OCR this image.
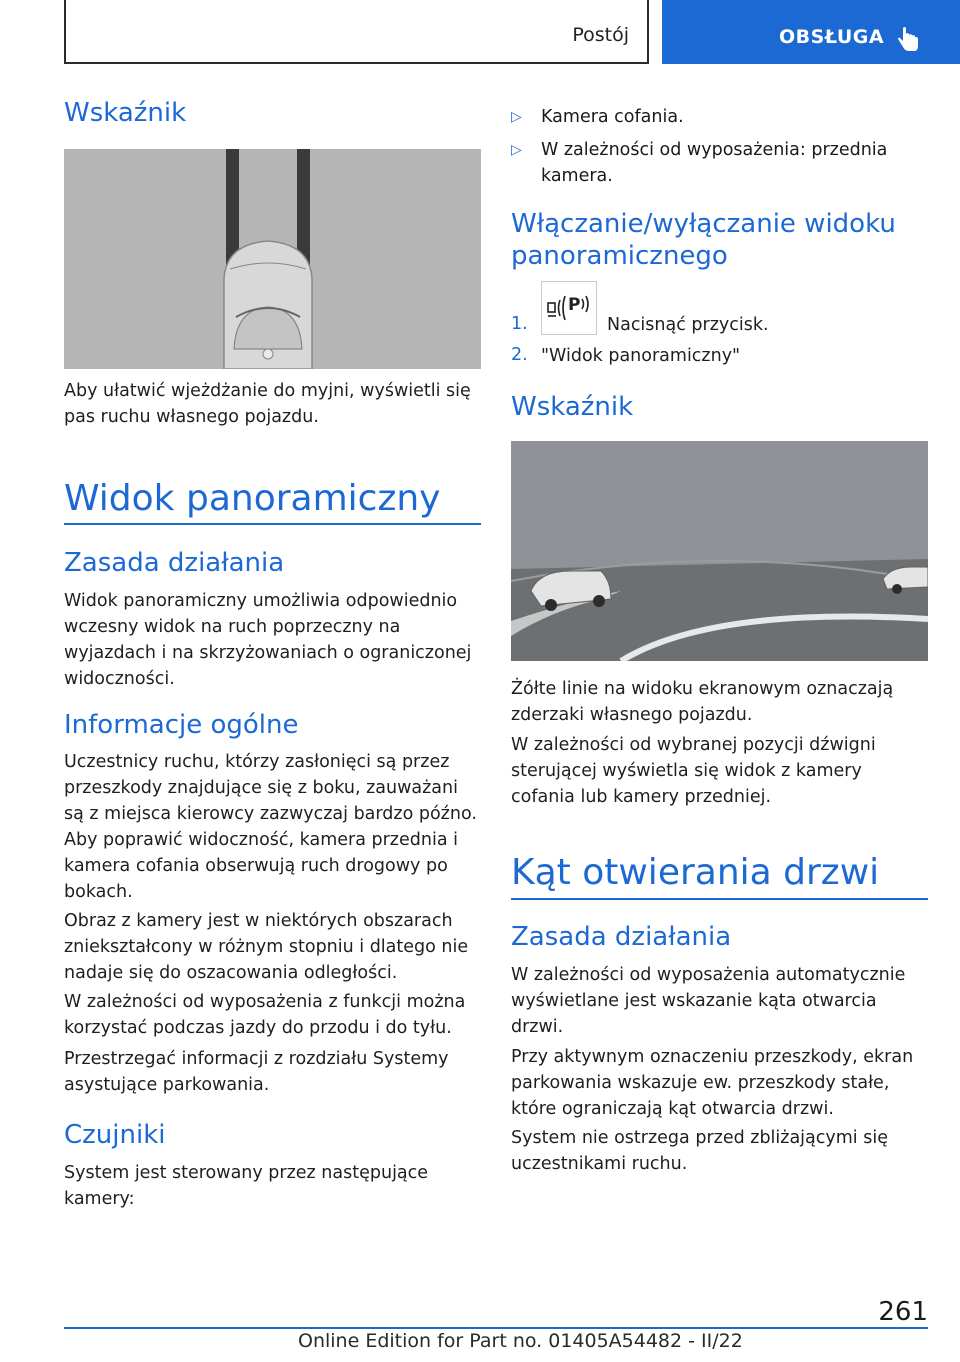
Postój	OBSŁUGA
Wskaźnik

Aby ułatwić wjeżdżanie do myjni, wyświetli się pas ruchu własnego pojazdu.

Widok panoramiczny
Zasada działania

Widok panoramiczny umożliwia odpowiednio wczesny widok na ruch poprzeczny na wyjazdach i na skrzyżowaniach o ograniczonej widoczności.

Informacje ogólne

Uczestnicy ruchu, którzy zasłonięci są przez przeszkody znajdujące się z boku, zauważani są z miejsca kierowcy zazwyczaj bardzo późno. Aby poprawić widoczność, kamera przednia i kamera cofania obserwują ruch drogowy po bokach.

Obraz z kamery jest w niektórych obszarach zniekształcony w różnym stopniu i dlatego nie nadaje się do oszacowania odległości.

W zależności od wyposażenia z funkcji można korzystać podczas jazdy do przodu i do tyłu.

Przestrzegać informacji z rozdziału Systemy asystujące parkowania.

Czujniki

System jest sterowany przez następujące kamery:

▷ Kamera cofania.
▷ W zależności od wyposażenia: przednia kamera.
Włączanie/wyłączanie widoku panoramicznego
1.
P
Nacisnąć przycisk.
2. "Widok panoramiczny"
Wskaźnik

Żółte linie na widoku ekranowym oznaczają zderzaki własnego pojazdu.

W zależności od wybranej pozycji dźwigni sterującej wyświetla się widok z kamery cofania lub kamery przedniej.

Kąt otwierania drzwi
Zasada działania

W zależności od wyposażenia automatycznie wyświetlane jest wskazanie kąta otwarcia drzwi.

Przy aktywnym oznaczeniu przeszkody, ekran parkowania wskazuje ew. przeszkody stałe, które ograniczają kąt otwarcia drzwi.

System nie ostrzega przed zbliżającymi się uczestnikami ruchu.

261
Online Edition for Part no. 01405A54482 - II/22
